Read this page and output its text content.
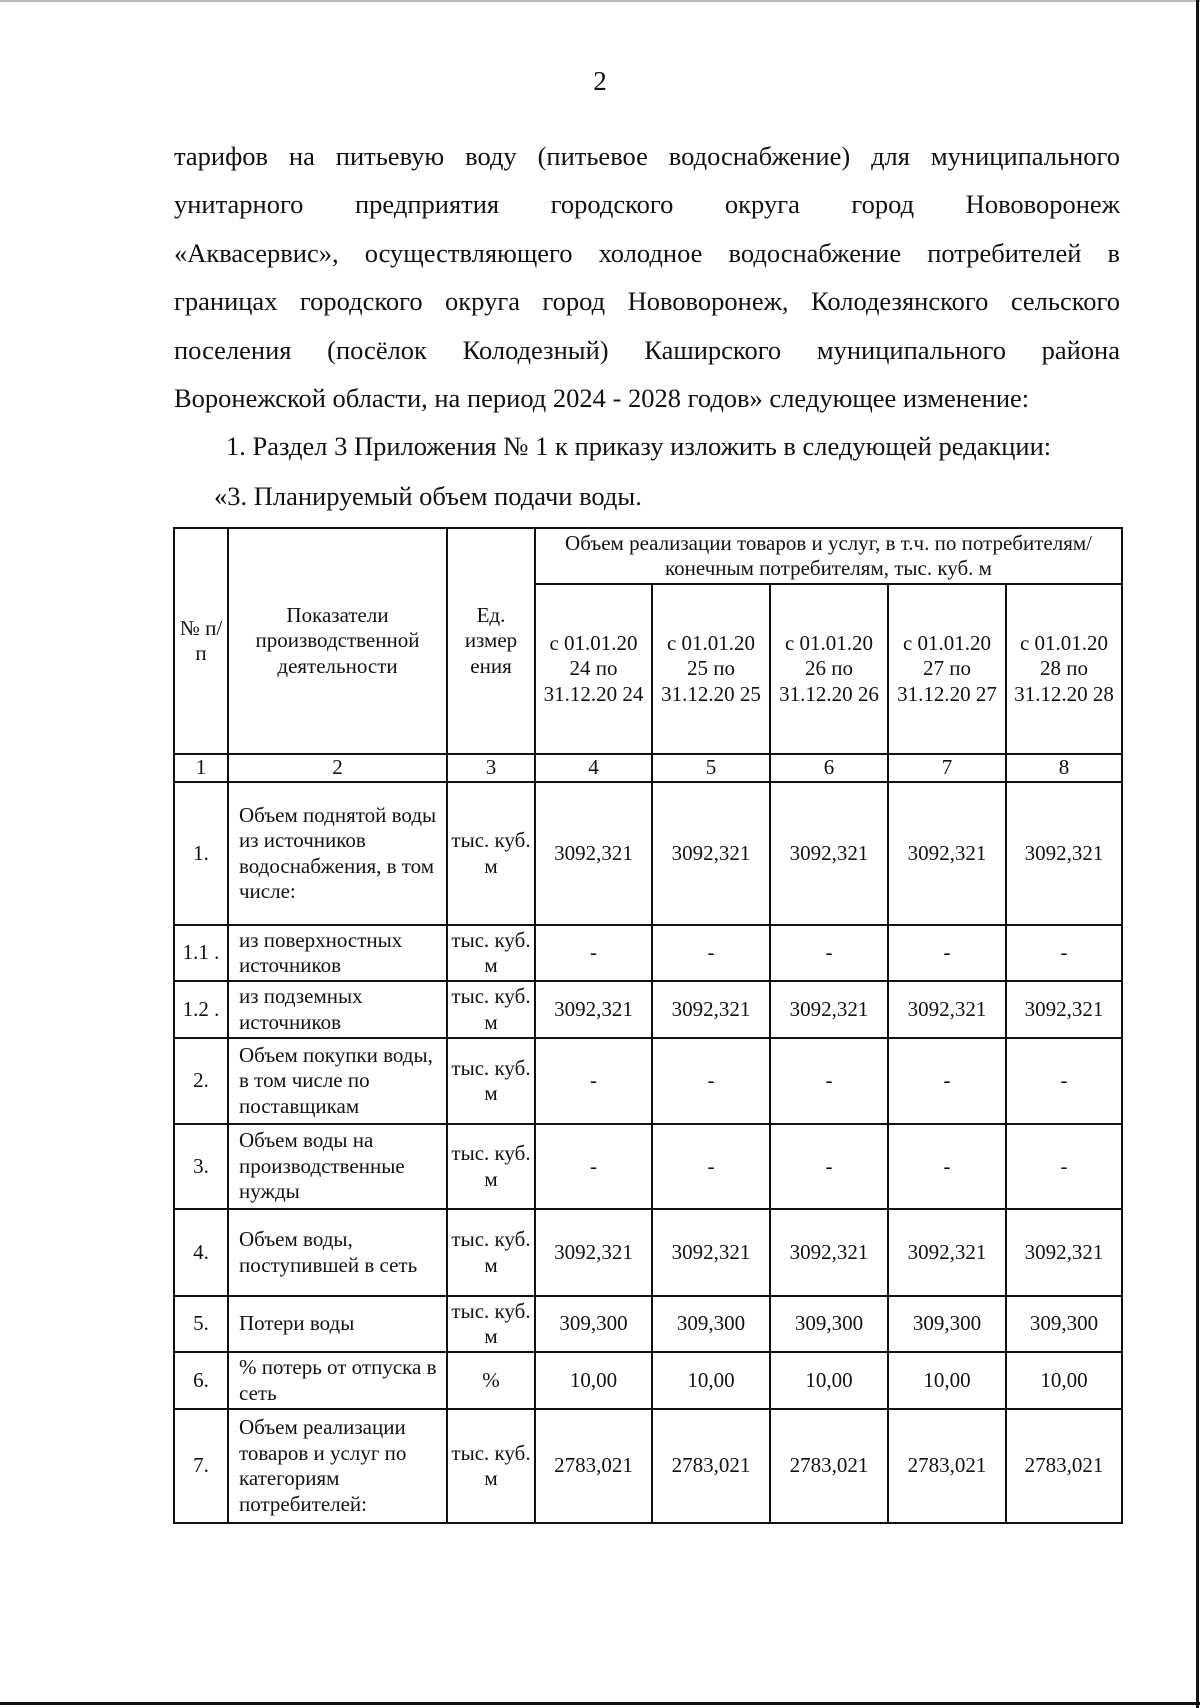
2

тарифов на питьевую воду (питьевое водоснабжение) для муниципального
унитарного предприятия городского округа город Нововоронеж
«Аквасервис», осуществляющего холодное водоснабжение потребителей в
границах городского округа город Нововоронеж, Колодезянского сельского
поселения (посёлок Колодезный) Каширского муниципального района
Воронежской области, на период 2024 - 2028 годов» следующее изменение:

1. Раздел 3 Приложения № 1 к приказу изложить в следующей редакции:
«3. Планируемый объем подачи воды.
№ п/ п	Показатели производственной деятельности	Ед. измер ения	Объем реализации товаров и услуг, в т.ч. по потребителям/ конечным потребителям, тыс. куб. м				
			с 01.01.20 24 по 31.12.20 24	с 01.01.20 25 по 31.12.20 25	с 01.01.20 26 по 31.12.20 26	с 01.01.20 27 по 31.12.20 27	с 01.01.20 28 по 31.12.20 28
1	2	3	4	5	6	7	8
1.	Объем поднятой воды из источников водоснабжения, в том числе:	тыс. куб. м	3092,321	3092,321	3092,321	3092,321	3092,321
1.1 .	из поверхностных источников	тыс. куб. м	-	-	-	-	-
1.2 .	из подземных источников	тыс. куб. м	3092,321	3092,321	3092,321	3092,321	3092,321
2.	Объем покупки воды, в том числе по поставщикам	тыс. куб. м	-	-	-	-	-
3.	Объем воды на производственные нужды	тыс. куб. м	-	-	-	-	-
4.	Объем воды, поступившей в сеть	тыс. куб. м	3092,321	3092,321	3092,321	3092,321	3092,321
5.	Потери воды	тыс. куб. м	309,300	309,300	309,300	309,300	309,300
6.	% потерь от отпуска в сеть	%	10,00	10,00	10,00	10,00	10,00
7.	Объем реализации товаров и услуг по категориям потребителей:	тыс. куб. м	2783,021	2783,021	2783,021	2783,021	2783,021
